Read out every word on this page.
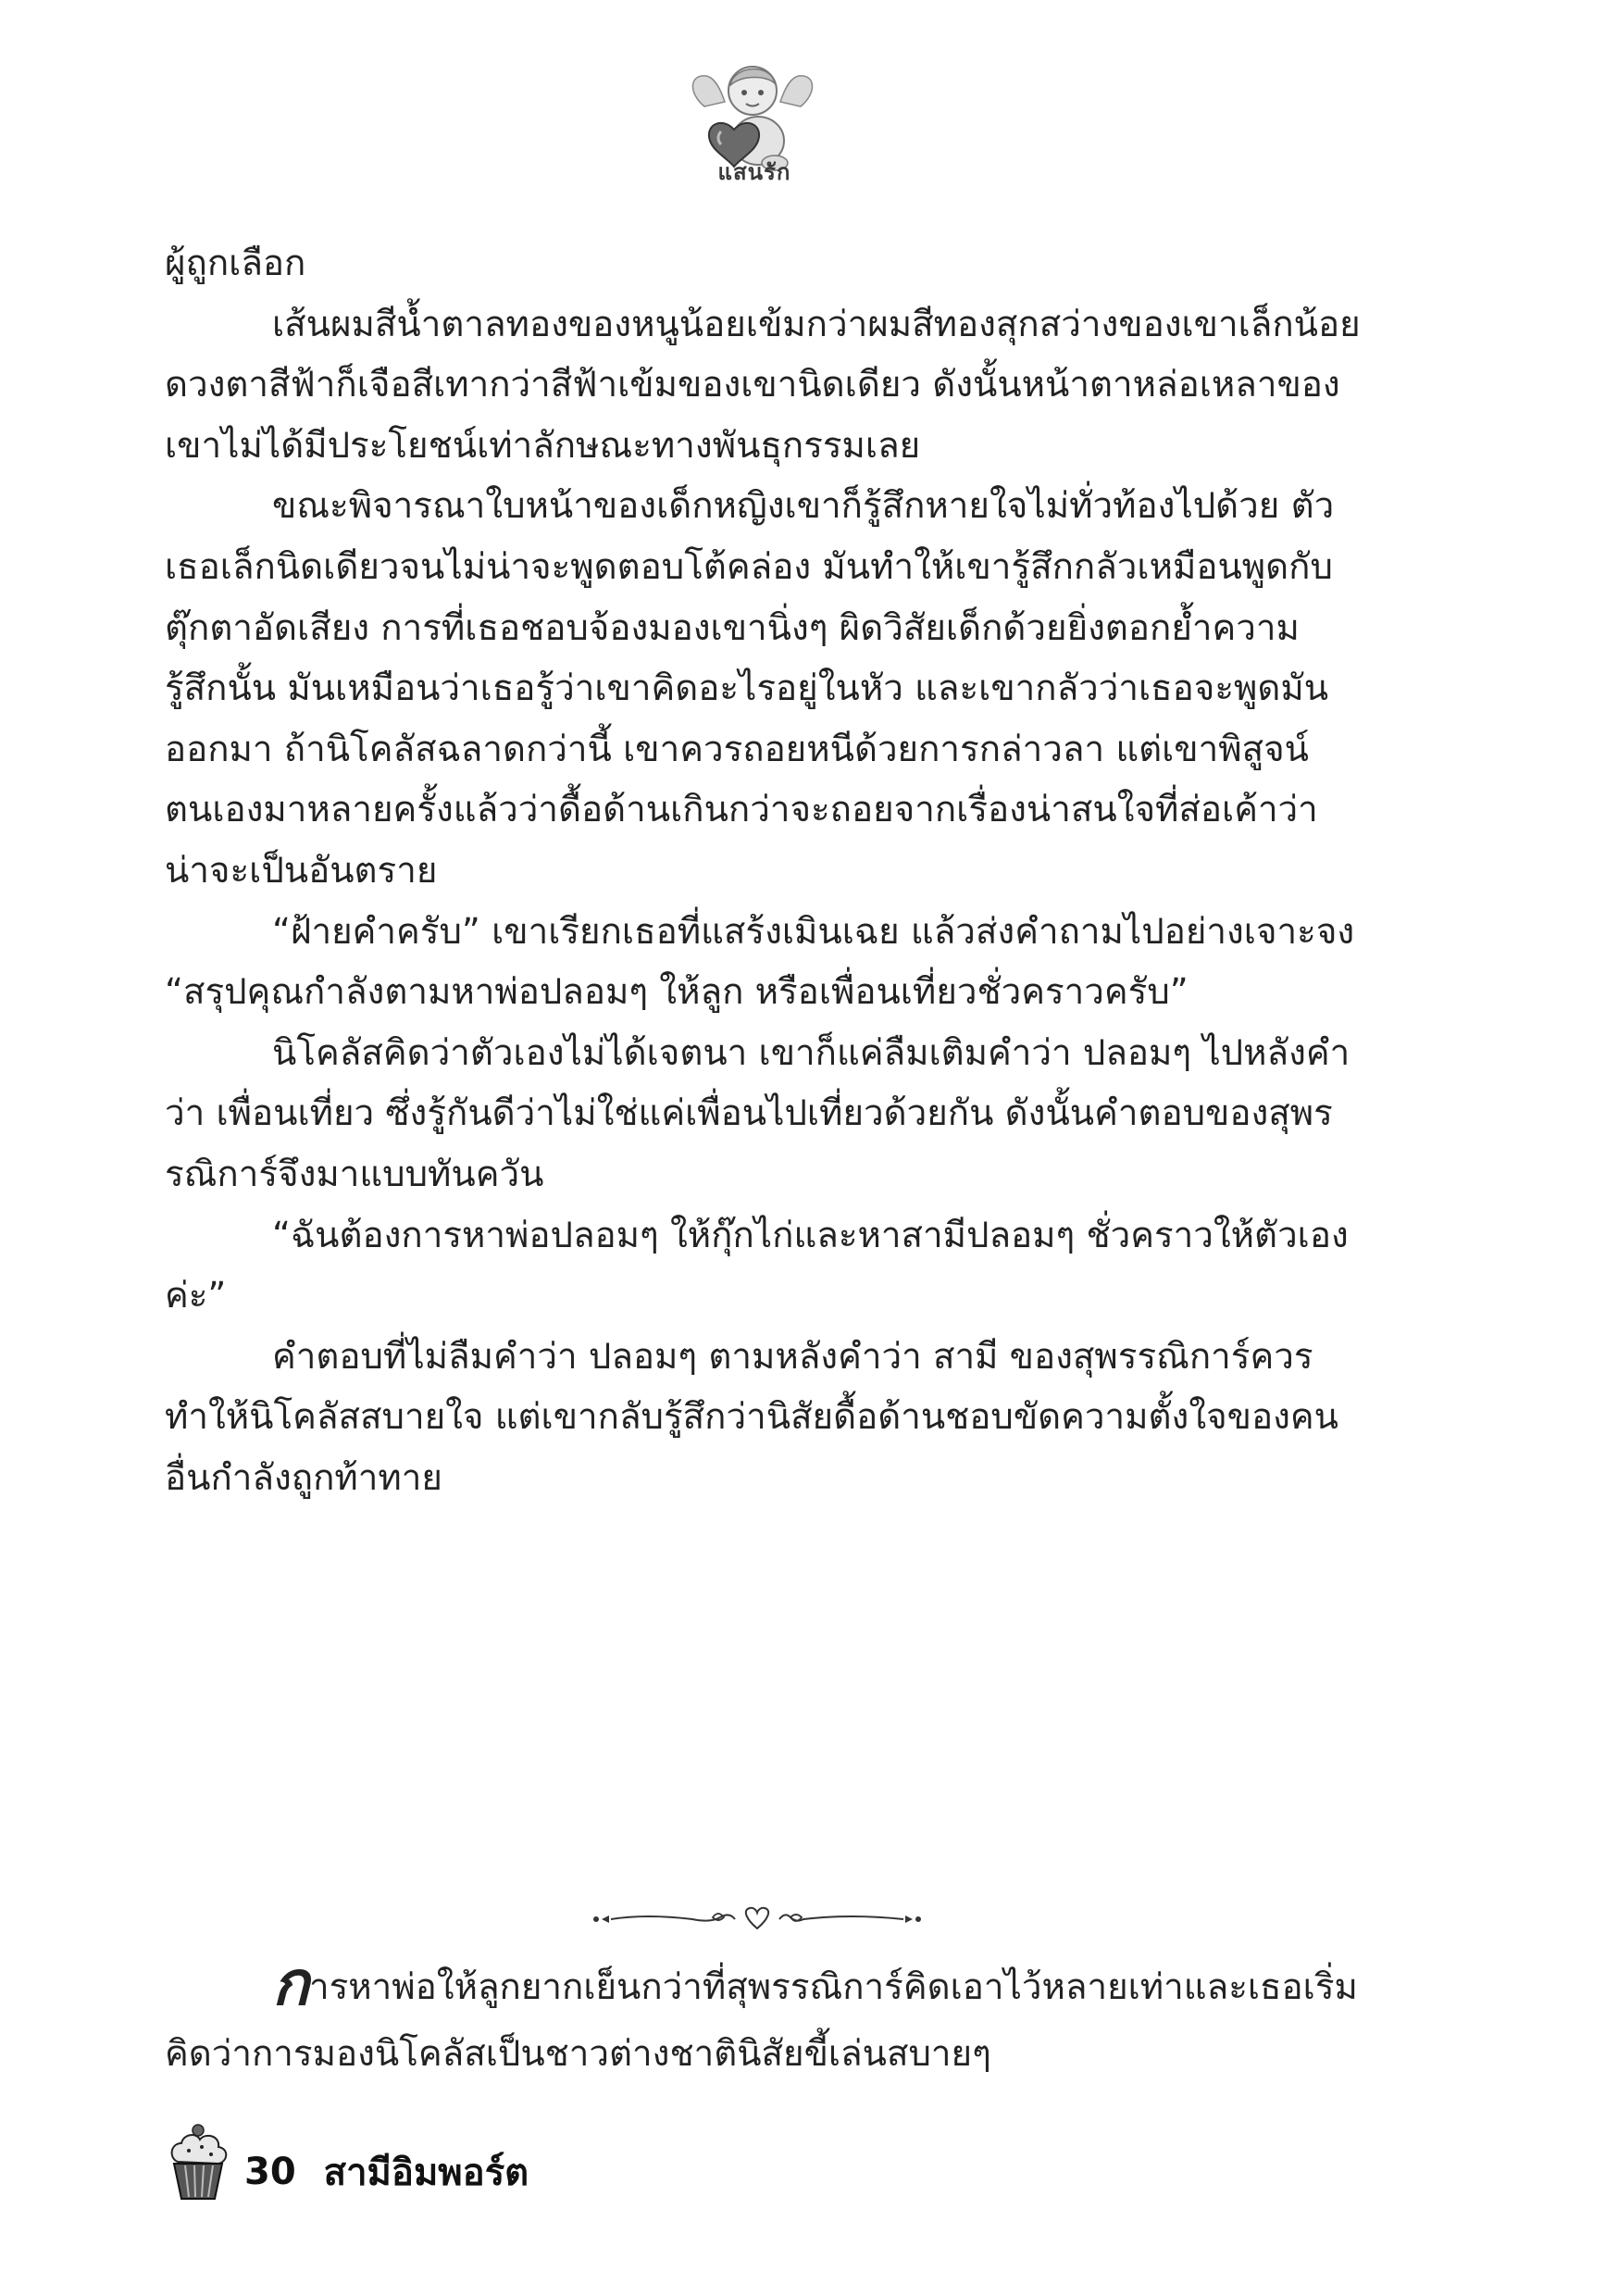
แสนรัก

ผู้ถูกเลือก

เส้นผมสีน้ำตาลทองของหนูน้อยเข้มกว่าผมสีทองสุกสว่างของเขาเล็กน้อย ดวงตาสีฟ้าก็เจือสีเทากว่าสีฟ้าเข้มของเขานิดเดียว ดังนั้นหน้าตาหล่อเหลาของเขาไม่ได้มีประโยชน์เท่าลักษณะทางพันธุกรรมเลย

ขณะพิจารณาใบหน้าของเด็กหญิงเขาก็รู้สึกหายใจไม่ทั่วท้องไปด้วย ตัวเธอเล็กนิดเดียวจนไม่น่าจะพูดตอบโต้คล่อง มันทำให้เขารู้สึกกลัวเหมือนพูดกับตุ๊กตาอัดเสียง การที่เธอชอบจ้องมองเขานิ่งๆ ผิดวิสัยเด็กด้วยยิ่งตอกย้ำความรู้สึกนั้น มันเหมือนว่าเธอรู้ว่าเขาคิดอะไรอยู่ในหัว และเขากลัวว่าเธอจะพูดมันออกมา ถ้านิโคลัสฉลาดกว่านี้ เขาควรถอยหนีด้วยการกล่าวลา แต่เขาพิสูจน์ตนเองมาหลายครั้งแล้วว่าดื้อด้านเกินกว่าจะถอยจากเรื่องน่าสนใจที่ส่อเค้าว่าน่าจะเป็นอันตราย

“ฝ้ายคำครับ” เขาเรียกเธอที่แสร้งเมินเฉย แล้วส่งคำถามไปอย่างเจาะจง “สรุปคุณกำลังตามหาพ่อปลอมๆ ให้ลูก หรือเพื่อนเที่ยวชั่วคราวครับ”

นิโคลัสคิดว่าตัวเองไม่ได้เจตนา เขาก็แค่ลืมเติมคำว่า ปลอมๆ ไปหลังคำว่า เพื่อนเที่ยว ซึ่งรู้กันดีว่าไม่ใช่แค่เพื่อนไปเที่ยวด้วยกัน ดังนั้นคำตอบของสุพรรณิการ์จึงมาแบบทันควัน

“ฉันต้องการหาพ่อปลอมๆ ให้กุ๊กไก่และหาสามีปลอมๆ ชั่วคราวให้ตัวเองค่ะ”

คำตอบที่ไม่ลืมคำว่า ปลอมๆ ตามหลังคำว่า สามี ของสุพรรณิการ์ควรทำให้นิโคลัสสบายใจ แต่เขากลับรู้สึกว่านิสัยดื้อด้านชอบขัดความตั้งใจของคนอื่นกำลังถูกท้าทาย

การหาพ่อให้ลูกยากเย็นกว่าที่สุพรรณิการ์คิดเอาไว้หลายเท่าและเธอเริ่มคิดว่าการมองนิโคลัสเป็นชาวต่างชาตินิสัยขี้เล่นสบายๆ

30 สามีอิมพอร์ต
